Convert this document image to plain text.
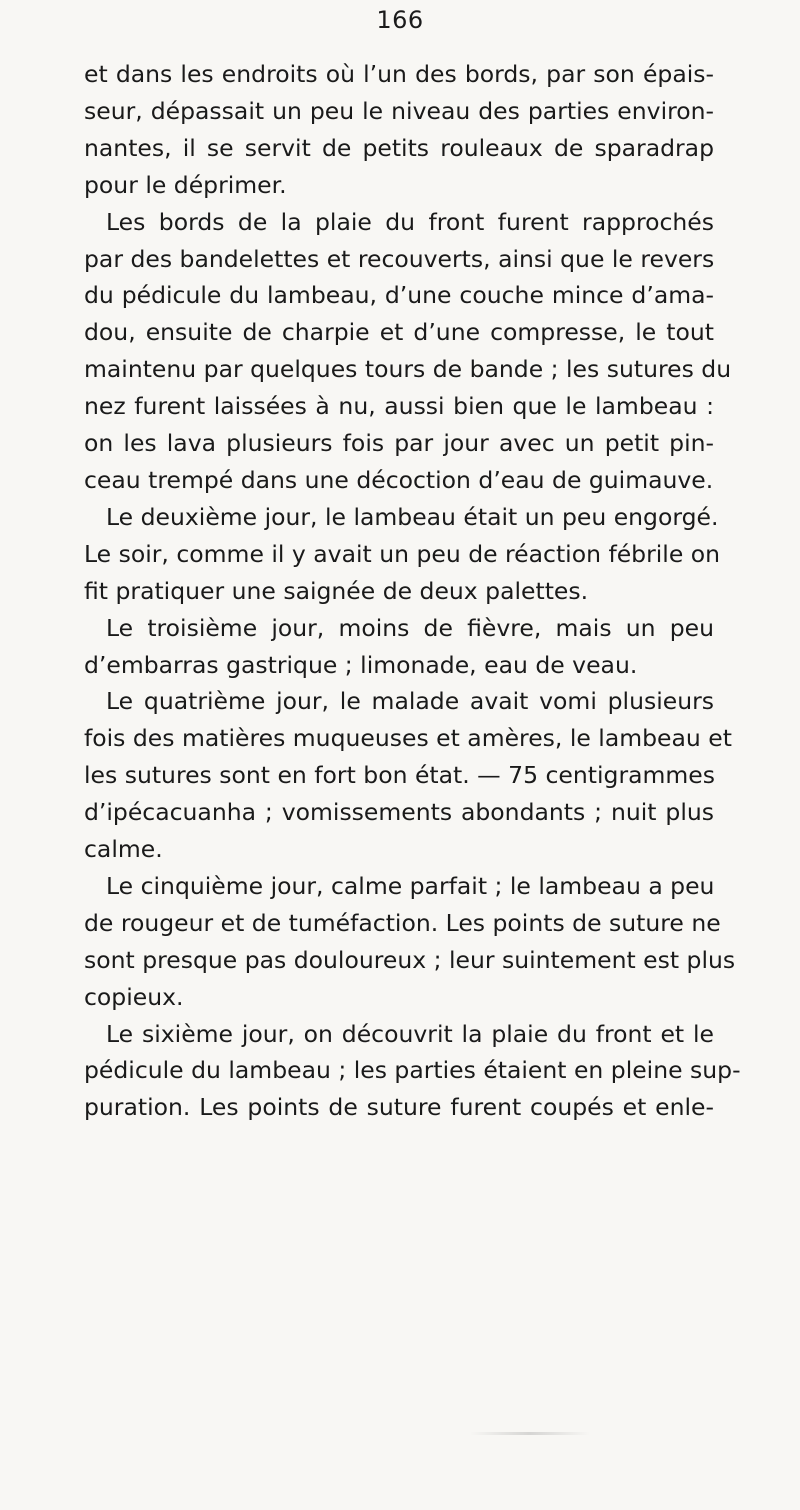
166
et dans les endroits où l’un des bords, par son épais-
seur, dépassait un peu le niveau des parties environ-
nantes, il se servit de petits rouleaux de sparadrap
pour le déprimer.
Les bords de la plaie du front furent rapprochés
par des bandelettes et recouverts, ainsi que le revers
du pédicule du lambeau, d’une couche mince d’ama-
dou, ensuite de charpie et d’une compresse, le tout
maintenu par quelques tours de bande ; les sutures du
nez furent laissées à nu, aussi bien que le lambeau :
on les lava plusieurs fois par jour avec un petit pin-
ceau trempé dans une décoction d’eau de guimauve.
Le deuxième jour, le lambeau était un peu engorgé.
Le soir, comme il y avait un peu de réaction fébrile on
fit pratiquer une saignée de deux palettes.
Le troisième jour, moins de fièvre, mais un peu
d’embarras gastrique ; limonade, eau de veau.
Le quatrième jour, le malade avait vomi plusieurs
fois des matières muqueuses et amères, le lambeau et
les sutures sont en fort bon état. — 75 centigrammes
d’ipécacuanha ; vomissements abondants ; nuit plus
calme.
Le cinquième jour, calme parfait ; le lambeau a peu
de rougeur et de tuméfaction. Les points de suture ne
sont presque pas douloureux ; leur suintement est plus
copieux.
Le sixième jour, on découvrit la plaie du front et le
pédicule du lambeau ; les parties étaient en pleine sup-
puration. Les points de suture furent coupés et enle-
